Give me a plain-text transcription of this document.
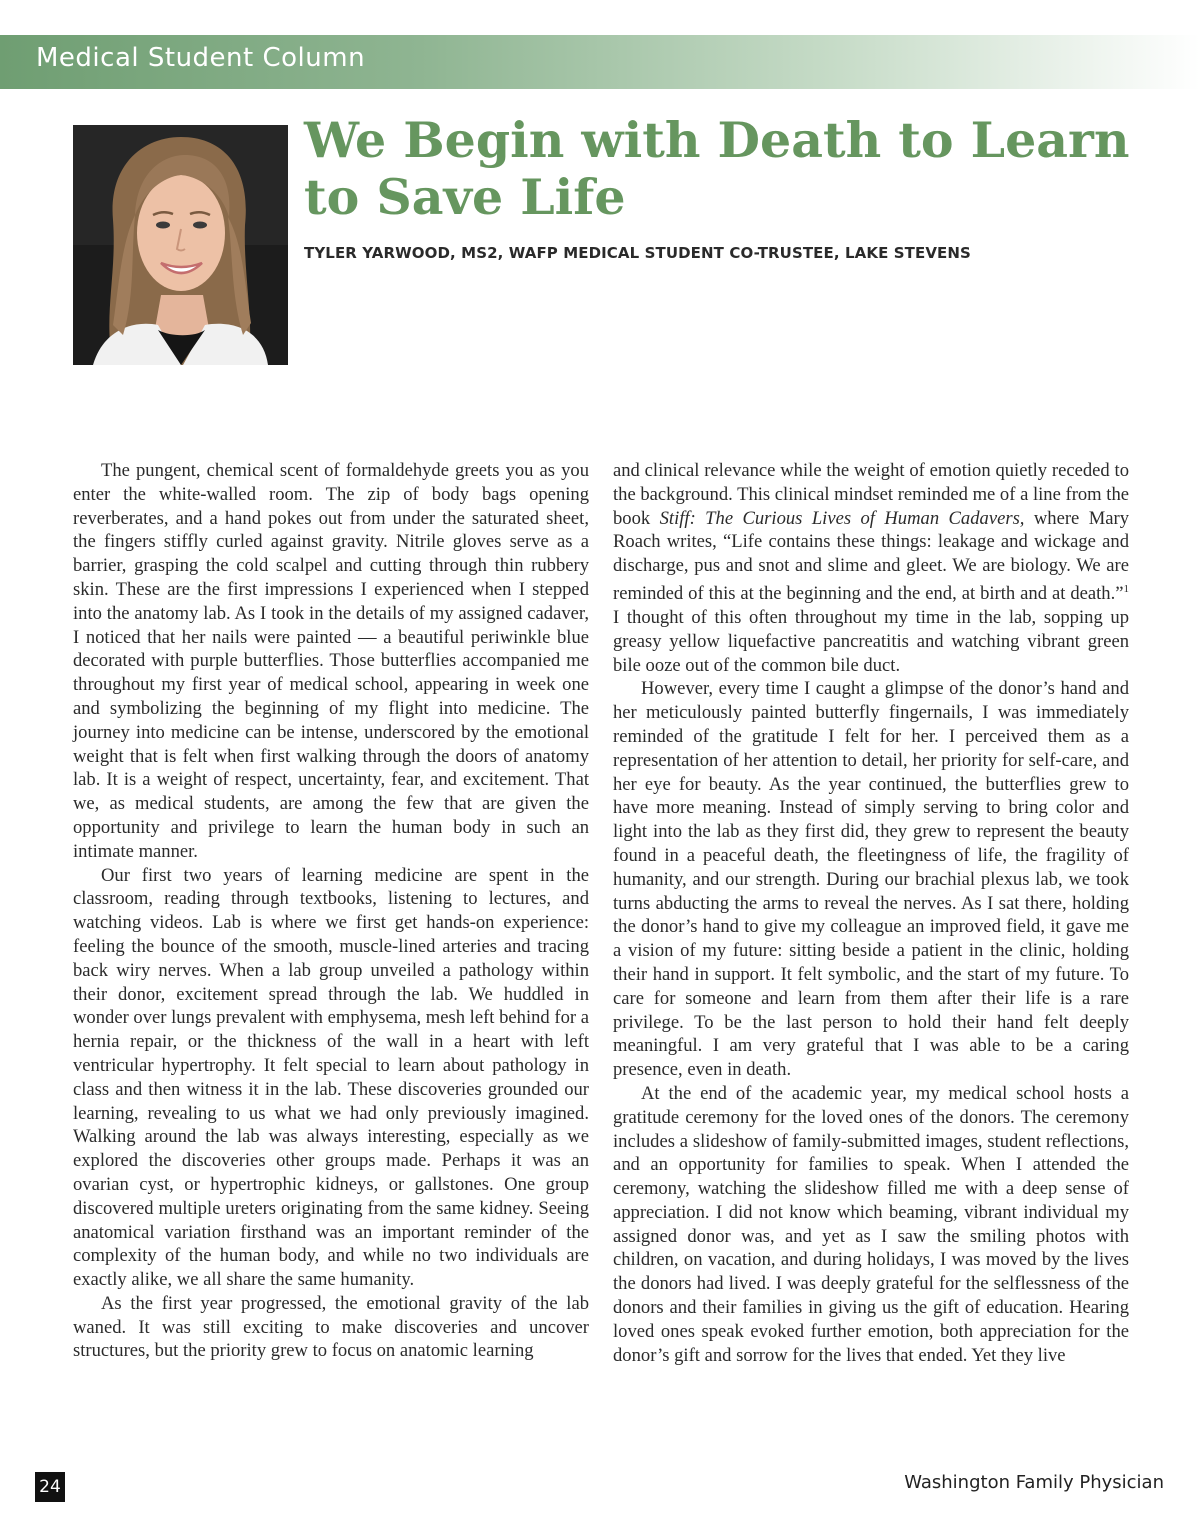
Medical Student Column
We Begin with Death to Learn to Save Life
TYLER YARWOOD, MS2, WAFP MEDICAL STUDENT CO-TRUSTEE, LAKE STEVENS

The pungent, chemical scent of formaldehyde greets you as you enter the white-walled room. The zip of body bags opening reverberates, and a hand pokes out from under the saturated sheet, the fingers stiffly curled against gravity. Nitrile gloves serve as a barrier, grasping the cold scalpel and cutting through thin rubbery skin. These are the first impressions I experienced when I stepped into the anatomy lab. As I took in the details of my assigned cadaver, I noticed that her nails were painted — a beautiful periwinkle blue decorated with purple butterflies. Those butterflies accompanied me throughout my first year of medical school, appearing in week one and symbolizing the beginning of my flight into medicine. The journey into medicine can be intense, underscored by the emotional weight that is felt when first walking through the doors of anatomy lab. It is a weight of respect, uncertainty, fear, and excitement. That we, as medical students, are among the few that are given the opportunity and privilege to learn the human body in such an intimate manner.

Our first two years of learning medicine are spent in the classroom, reading through textbooks, listening to lectures, and watching videos. Lab is where we first get hands-on experience: feeling the bounce of the smooth, muscle-lined arteries and tracing back wiry nerves. When a lab group unveiled a pathology within their donor, excitement spread through the lab. We huddled in wonder over lungs prevalent with emphysema, mesh left behind for a hernia repair, or the thickness of the wall in a heart with left ventricular hypertrophy. It felt special to learn about pathology in class and then witness it in the lab. These discoveries grounded our learning, revealing to us what we had only previously imagined. Walking around the lab was always interesting, especially as we explored the discoveries other groups made. Perhaps it was an ovarian cyst, or hypertrophic kidneys, or gallstones. One group discovered multiple ureters originating from the same kidney. Seeing anatomical variation firsthand was an important reminder of the complexity of the human body, and while no two individuals are exactly alike, we all share the same humanity.

As the first year progressed, the emotional gravity of the lab waned. It was still exciting to make discoveries and uncover structures, but the priority grew to focus on anatomic learning

and clinical relevance while the weight of emotion quietly receded to the background. This clinical mindset reminded me of a line from the book Stiff: The Curious Lives of Human Cadavers, where Mary Roach writes, “Life contains these things: leakage and wickage and discharge, pus and snot and slime and gleet. We are biology. We are reminded of this at the beginning and the end, at birth and at death.”$^1$ I thought of this often throughout my time in the lab, sopping up greasy yellow liquefactive pancreatitis and watching vibrant green bile ooze out of the common bile duct.

However, every time I caught a glimpse of the donor’s hand and her meticulously painted butterfly fingernails, I was immediately reminded of the gratitude I felt for her. I perceived them as a representation of her attention to detail, her priority for self-care, and her eye for beauty. As the year continued, the butterflies grew to have more meaning. Instead of simply serving to bring color and light into the lab as they first did, they grew to represent the beauty found in a peaceful death, the fleetingness of life, the fragility of humanity, and our strength. During our brachial plexus lab, we took turns abducting the arms to reveal the nerves. As I sat there, holding the donor’s hand to give my colleague an improved field, it gave me a vision of my future: sitting beside a patient in the clinic, holding their hand in support. It felt symbolic, and the start of my future. To care for someone and learn from them after their life is a rare privilege. To be the last person to hold their hand felt deeply meaningful. I am very grateful that I was able to be a caring presence, even in death.

At the end of the academic year, my medical school hosts a gratitude ceremony for the loved ones of the donors. The ceremony includes a slideshow of family-submitted images, student reflections, and an opportunity for families to speak. When I attended the ceremony, watching the slideshow filled me with a deep sense of appreciation. I did not know which beaming, vibrant individual my assigned donor was, and yet as I saw the smiling photos with children, on vacation, and during holidays, I was moved by the lives the donors had lived. I was deeply grateful for the selflessness of the donors and their families in giving us the gift of education. Hearing loved ones speak evoked further emotion, both appreciation for the donor’s gift and sorrow for the lives that ended. Yet they live

24	Washington Family Physician
